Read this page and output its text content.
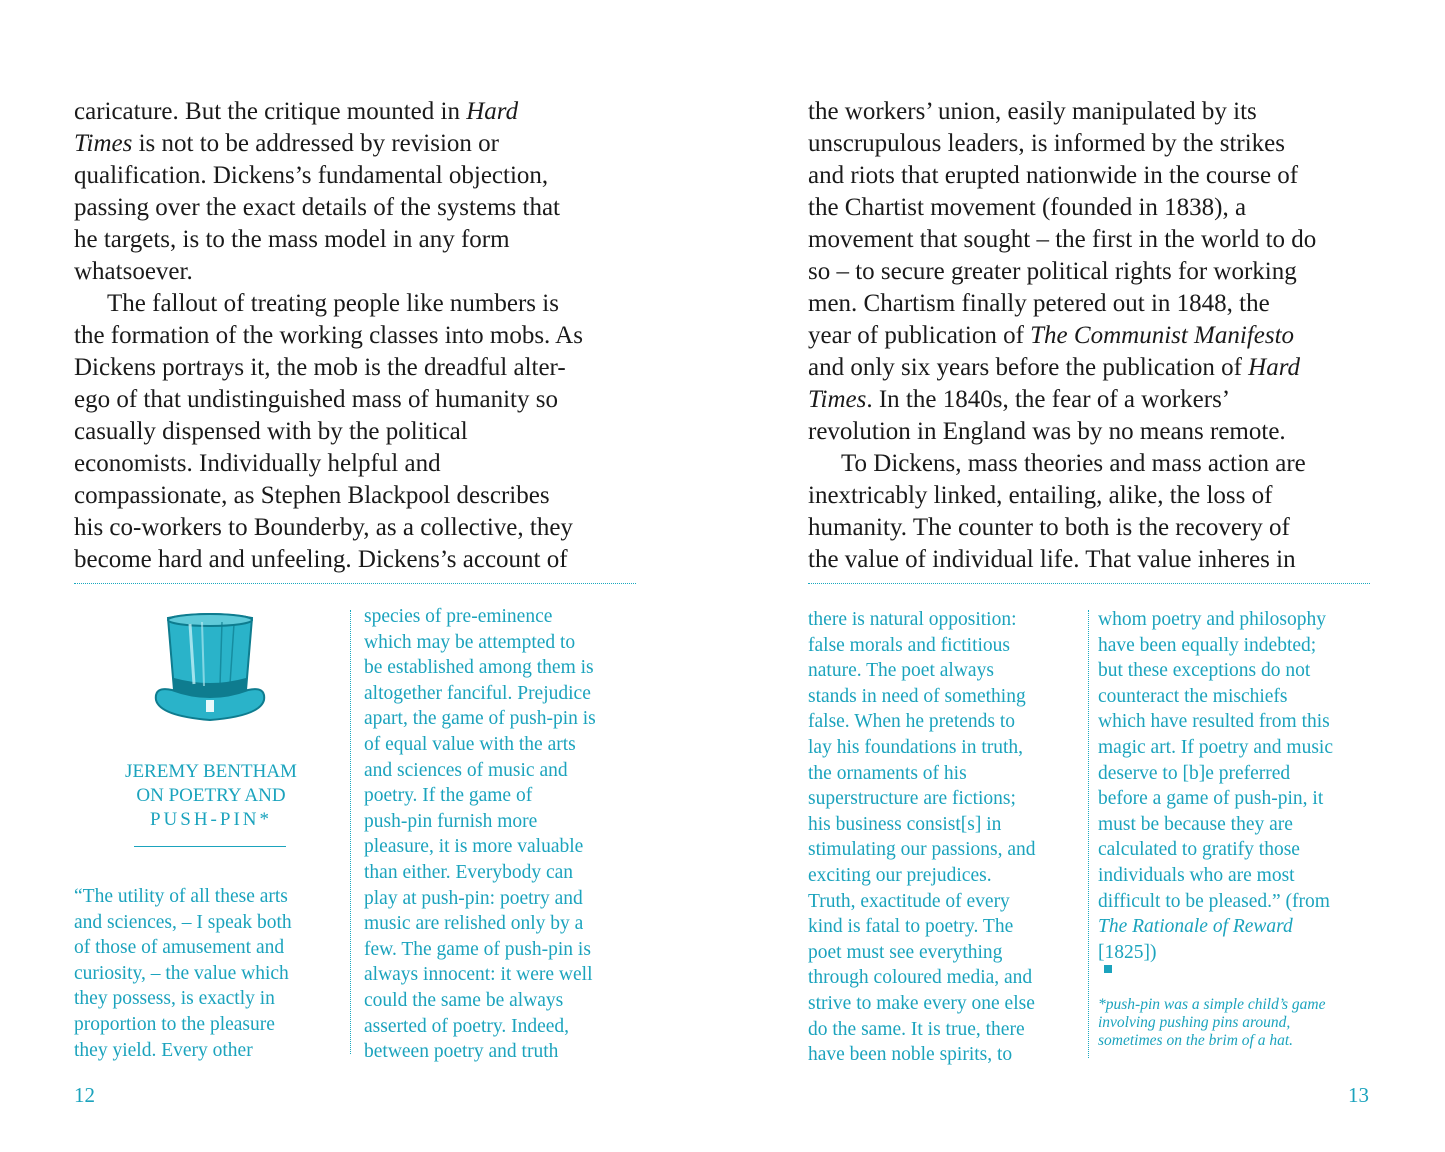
caricature. But the critique mounted in Hard
Times is not to be addressed by revision or
qualification. Dickens’s fundamental objection,
passing over the exact details of the systems that
he targets, is to the mass model in any form
whatsoever.

The fallout of treating people like numbers is
the formation of the working classes into mobs. As
Dickens portrays it, the mob is the dreadful alter-
ego of that undistinguished mass of humanity so
casually dispensed with by the political
economists. Individually helpful and
compassionate, as Stephen Blackpool describes
his co-workers to Bounderby, as a collective, they
become hard and unfeeling. Dickens’s account of

JEREMY BENTHAM
ON POETRY AND
PUSH-PIN*
“The utility of all these arts
and sciences, – I speak both
of those of amusement and
curiosity, – the value which
they possess, is exactly in
proportion to the pleasure
they yield. Every other
species of pre-eminence
which may be attempted to
be established among them is
altogether fanciful. Prejudice
apart, the game of push-pin is
of equal value with the arts
and sciences of music and
poetry. If the game of
push-pin furnish more
pleasure, it is more valuable
than either. Everybody can
play at push-pin: poetry and
music are relished only by a
few. The game of push-pin is
always innocent: it were well
could the same be always
asserted of poetry. Indeed,
between poetry and truth
12

the workers’ union, easily manipulated by its
unscrupulous leaders, is informed by the strikes
and riots that erupted nationwide in the course of
the Chartist movement (founded in 1838), a
movement that sought – the first in the world to do
so – to secure greater political rights for working
men. Chartism finally petered out in 1848, the
year of publication of The Communist Manifesto
and only six years before the publication of Hard
Times. In the 1840s, the fear of a workers’
revolution in England was by no means remote.

To Dickens, mass theories and mass action are
inextricably linked, entailing, alike, the loss of
humanity. The counter to both is the recovery of
the value of individual life. That value inheres in

there is natural opposition:
false morals and fictitious
nature. The poet always
stands in need of something
false. When he pretends to
lay his foundations in truth,
the ornaments of his
superstructure are fictions;
his business consist[s] in
stimulating our passions, and
exciting our prejudices.
Truth, exactitude of every
kind is fatal to poetry. The
poet must see everything
through coloured media, and
strive to make every one else
do the same. It is true, there
have been noble spirits, to
whom poetry and philosophy
have been equally indebted;
but these exceptions do not
counteract the mischiefs
which have resulted from this
magic art. If poetry and music
deserve to [b]e preferred
before a game of push-pin, it
must be because they are
calculated to gratify those
individuals who are most
difficult to be pleased.” (from
The Rationale of Reward
[1825])
*push-pin was a simple child’s game
involving pushing pins around,
sometimes on the brim of a hat.
13
